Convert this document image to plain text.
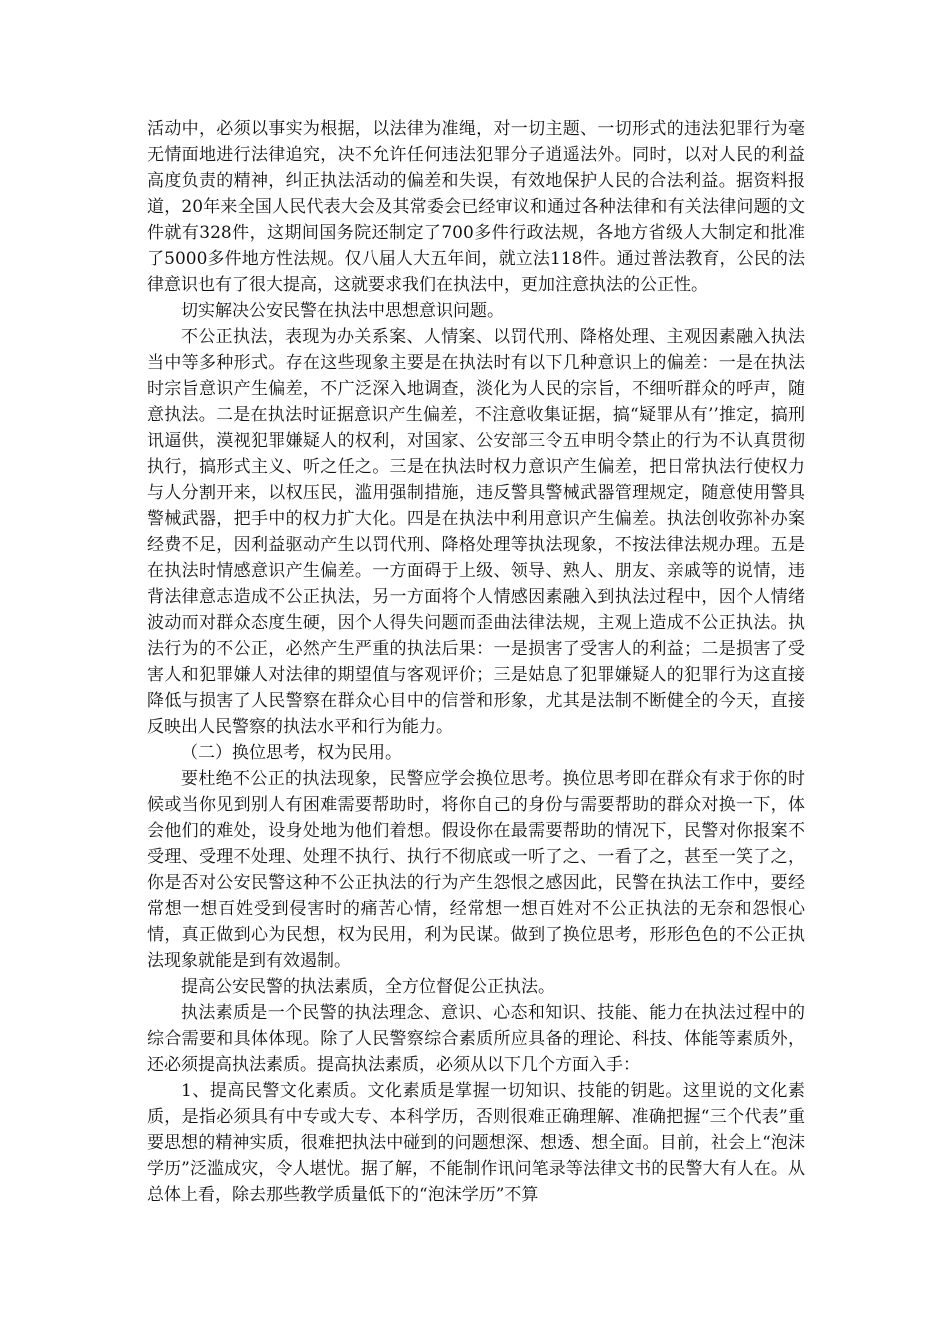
活动中，必须以事实为根据，以法律为准绳，对一切主题、一切形式的违法犯罪行为毫无情面地进行法律追究，决不允许任何违法犯罪分子逍遥法外。同时，以对人民的利益高度负责的精神，纠正执法活动的偏差和失误，有效地保护人民的合法利益。据资料报道，20年来全国人民代表大会及其常委会已经审议和通过各种法律和有关法律问题的文件就有328件，这期间国务院还制定了700多件行政法规，各地方省级人大制定和批准了5000多件地方性法规。仅八届人大五年间，就立法118件。通过普法教育，公民的法律意识也有了很大提高，这就要求我们在执法中，更加注意执法的公正性。

切实解决公安民警在执法中思想意识问题。

不公正执法，表现为办关系案、人情案、以罚代刑、降格处理、主观因素融入执法当中等多种形式。存在这些现象主要是在执法时有以下几种意识上的偏差：一是在执法时宗旨意识产生偏差，不广泛深入地调查，淡化为人民的宗旨，不细听群众的呼声，随意执法。二是在执法时证据意识产生偏差，不注意收集证据，搞“疑罪从有’’推定，搞刑讯逼供，漠视犯罪嫌疑人的权利，对国家、公安部三令五申明令禁止的行为不认真贯彻执行，搞形式主义、听之任之。三是在执法时权力意识产生偏差，把日常执法行使权力与人分割开来，以权压民，滥用强制措施，违反警具警械武器管理规定，随意使用警具警械武器，把手中的权力扩大化。四是在执法中利用意识产生偏差。执法创收弥补办案经费不足，因利益驱动产生以罚代刑、降格处理等执法现象，不按法律法规办理。五是在执法时情感意识产生偏差。一方面碍于上级、领导、熟人、朋友、亲戚等的说情，违背法律意志造成不公正执法，另一方面将个人情感因素融入到执法过程中，因个人情绪波动而对群众态度生硬，因个人得失问题而歪曲法律法规，主观上造成不公正执法。执法行为的不公正，必然产生严重的执法后果：一是损害了受害人的利益；二是损害了受害人和犯罪嫌人对法律的期望值与客观评价；三是姑息了犯罪嫌疑人的犯罪行为这直接降低与损害了人民警察在群众心目中的信誉和形象，尤其是法制不断健全的今天，直接反映出人民警察的执法水平和行为能力。

（二）换位思考，权为民用。

要杜绝不公正的执法现象，民警应学会换位思考。换位思考即在群众有求于你的时候或当你见到别人有困难需要帮助时，将你自己的身份与需要帮助的群众对换一下，体会他们的难处，设身处地为他们着想。假设你在最需要帮助的情况下，民警对你报案不受理、受理不处理、处理不执行、执行不彻底或一听了之、一看了之，甚至一笑了之，你是否对公安民警这种不公正执法的行为产生怨恨之感因此，民警在执法工作中，要经常想一想百姓受到侵害时的痛苦心情，经常想一想百姓对不公正执法的无奈和怨恨心情，真正做到心为民想，权为民用，利为民谋。做到了换位思考，形形色色的不公正执法现象就能是到有效遏制。

提高公安民警的执法素质，全方位督促公正执法。

执法素质是一个民警的执法理念、意识、心态和知识、技能、能力在执法过程中的综合需要和具体体现。除了人民警察综合素质所应具备的理论、科技、体能等素质外，还必须提高执法素质。提高执法素质，必须从以下几个方面入手：

1、提高民警文化素质。文化素质是掌握一切知识、技能的钥匙。这里说的文化素质，是指必须具有中专或大专、本科学历，否则很难正确理解、准确把握“三个代表”重要思想的精神实质，很难把执法中碰到的问题想深、想透、想全面。目前，社会上“泡沫学历”泛滥成灾，令人堪忧。据了解，不能制作讯问笔录等法律文书的民警大有人在。从总体上看，除去那些教学质量低下的“泡沫学历”不算
